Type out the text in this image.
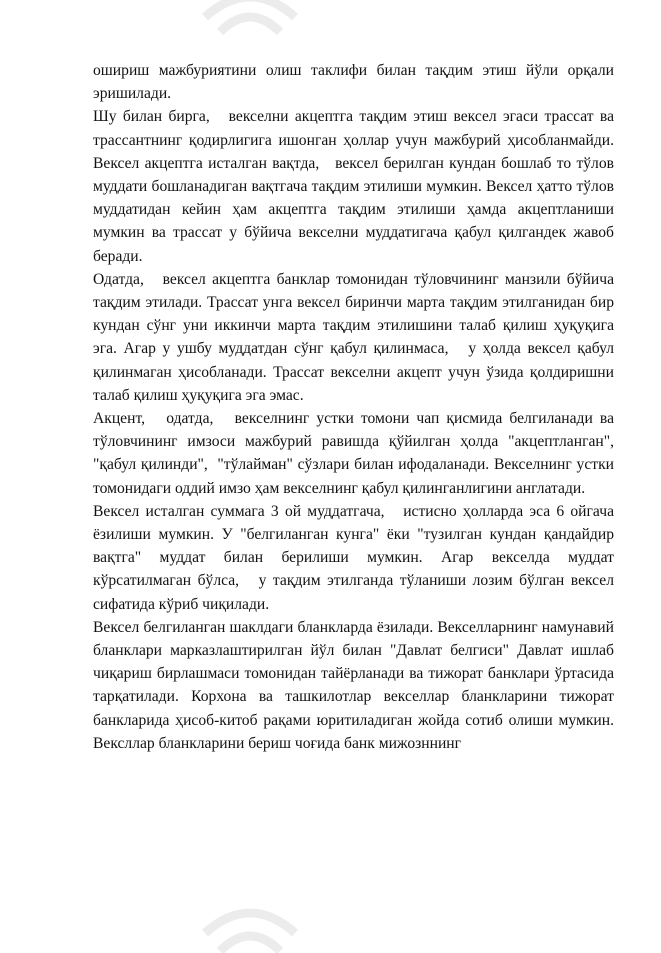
ошириш мажбуриятини олиш таклифи билан тақдим этиш йўли орқали эришилади.

Шу билан бирга,   векселни акцептга тақдим этиш вексел эгаси трассат ва трассантнинг қодирлигига ишонган ҳоллар учун мажбурий ҳисобланмайди. Вексел акцептга исталган вақтда,   вексел берилган кундан бошлаб то тўлов муддати бошланадиган вақтгача тақдим этилиши мумкин. Вексел ҳатто тўлов муддатидан кейин ҳам акцептга тақдим этилиши ҳамда акцептланиши мумкин ва трассат у бўйича векселни муддатигача қабул қилгандек жавоб беради.

Одатда,   вексел акцептга банклар томонидан тўловчининг манзили бўйича тақдим этилади. Трассат унга вексел биринчи марта тақдим этилганидан бир кундан сўнг уни иккинчи марта тақдим этилишини талаб қилиш ҳуқуқига эга. Агар у ушбу муддатдан сўнг қабул қилинмаса,   у ҳолда вексел қабул қилинмаган ҳисобланади. Трассат векселни акцепт учун ўзида қолдиришни талаб қилиш ҳуқуқига эга эмас.

Акцент,   одатда,   векселнинг устки томони чап қисмида белгиланади ва тўловчининг имзоси мажбурий равишда қўйилган ҳолда "акцептланган", "қабул қилинди",  "тўлайман" сўзлари билан ифодаланади. Векселнинг устки томонидаги оддий имзо ҳам векселнинг қабул қилинганлигини англатади.

Вексел исталган суммага 3 ой муддатгача,   истисно ҳолларда эса 6 ойгача ёзилиши мумкин. У "белгиланган кунга" ёки "тузилган кундан қандайдир вақтга" муддат билан берилиши мумкин. Агар векселда муддат кўрсатилмаган бўлса,   у тақдим этилганда тўланиши лозим бўлган вексел сифатида кўриб чиқилади.

Вексел белгиланган шаклдаги бланкларда ёзилади. Векселларнинг намунавий бланклари марказлаштирилган йўл билан "Давлат белгиси" Давлат ишлаб чиқариш бирлашмаси томонидан тайёрланади ва тижорат банклари ўртасида тарқатилади. Корхона ва ташкилотлар векселлар бланкларини тижорат банкларида ҳисоб-китоб рақами юритиладиган жойда сотиб олиши мумкин. Вексллар бланкларини бериш чоғида банк мижозннинг
